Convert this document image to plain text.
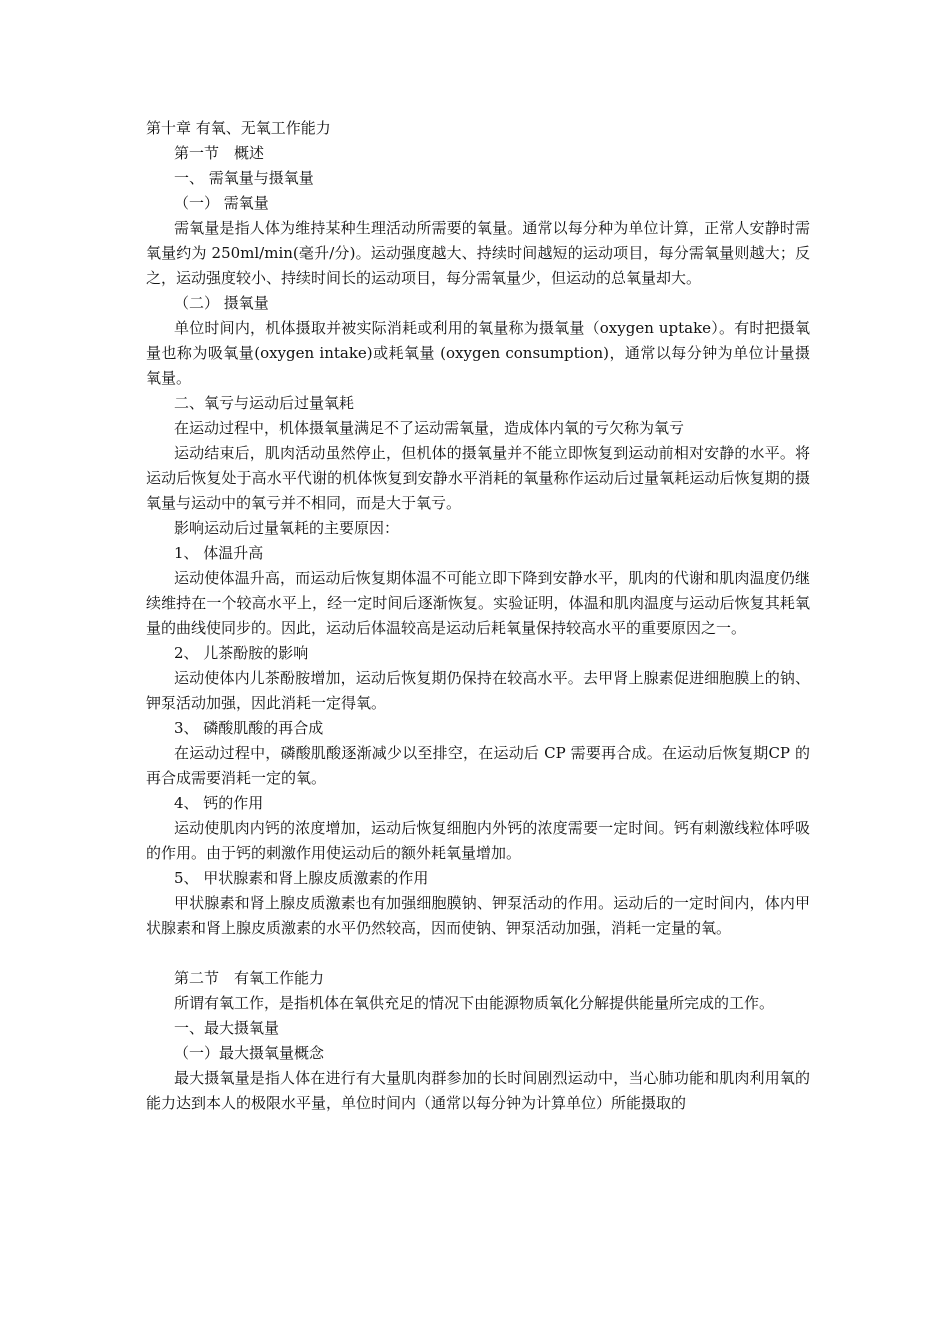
第十章 有氧、无氧工作能力

第一节　概述

一、 需氧量与摄氧量

（一） 需氧量

需氧量是指人体为维持某种生理活动所需要的氧量。通常以每分种为单位计算，正常人安静时需氧量约为 250ml/min(毫升/分)。运动强度越大、持续时间越短的运动项目，每分需氧量则越大；反之，运动强度较小、持续时间长的运动项目，每分需氧量少，但运动的总氧量却大。

（二） 摄氧量

单位时间内，机体摄取并被实际消耗或利用的氧量称为摄氧量（oxygen uptake）。有时把摄氧量也称为吸氧量(oxygen intake)或耗氧量 (oxygen consumption)，通常以每分钟为单位计量摄氧量。

二、氧亏与运动后过量氧耗

在运动过程中，机体摄氧量满足不了运动需氧量，造成体内氧的亏欠称为氧亏

运动结束后，肌肉活动虽然停止，但机体的摄氧量并不能立即恢复到运动前相对安静的水平。将运动后恢复处于高水平代谢的机体恢复到安静水平消耗的氧量称作运动后过量氧耗运动后恢复期的摄氧量与运动中的氧亏并不相同，而是大于氧亏。

影响运动后过量氧耗的主要原因：

1、 体温升高

运动使体温升高，而运动后恢复期体温不可能立即下降到安静水平，肌肉的代谢和肌肉温度仍继续维持在一个较高水平上，经一定时间后逐渐恢复。实验证明，体温和肌肉温度与运动后恢复其耗氧量的曲线使同步的。因此，运动后体温较高是运动后耗氧量保持较高水平的重要原因之一。

2、 儿茶酚胺的影响

运动使体内儿茶酚胺增加，运动后恢复期仍保持在较高水平。去甲肾上腺素促进细胞膜上的钠、钾泵活动加强，因此消耗一定得氧。

3、 磷酸肌酸的再合成

在运动过程中，磷酸肌酸逐渐减少以至排空，在运动后 CP 需要再合成。在运动后恢复期CP 的再合成需要消耗一定的氧。

4、 钙的作用

运动使肌肉内钙的浓度增加，运动后恢复细胞内外钙的浓度需要一定时间。钙有刺激线粒体呼吸的作用。由于钙的刺激作用使运动后的额外耗氧量增加。

5、 甲状腺素和肾上腺皮质激素的作用

甲状腺素和肾上腺皮质激素也有加强细胞膜钠、钾泵活动的作用。运动后的一定时间内，体内甲状腺素和肾上腺皮质激素的水平仍然较高，因而使钠、钾泵活动加强，消耗一定量的氧。

第二节　有氧工作能力

所谓有氧工作，是指机体在氧供充足的情况下由能源物质氧化分解提供能量所完成的工作。

一、最大摄氧量

（一）最大摄氧量概念

最大摄氧量是指人体在进行有大量肌肉群参加的长时间剧烈运动中，当心肺功能和肌肉利用氧的能力达到本人的极限水平量，单位时间内（通常以每分钟为计算单位）所能摄取的
